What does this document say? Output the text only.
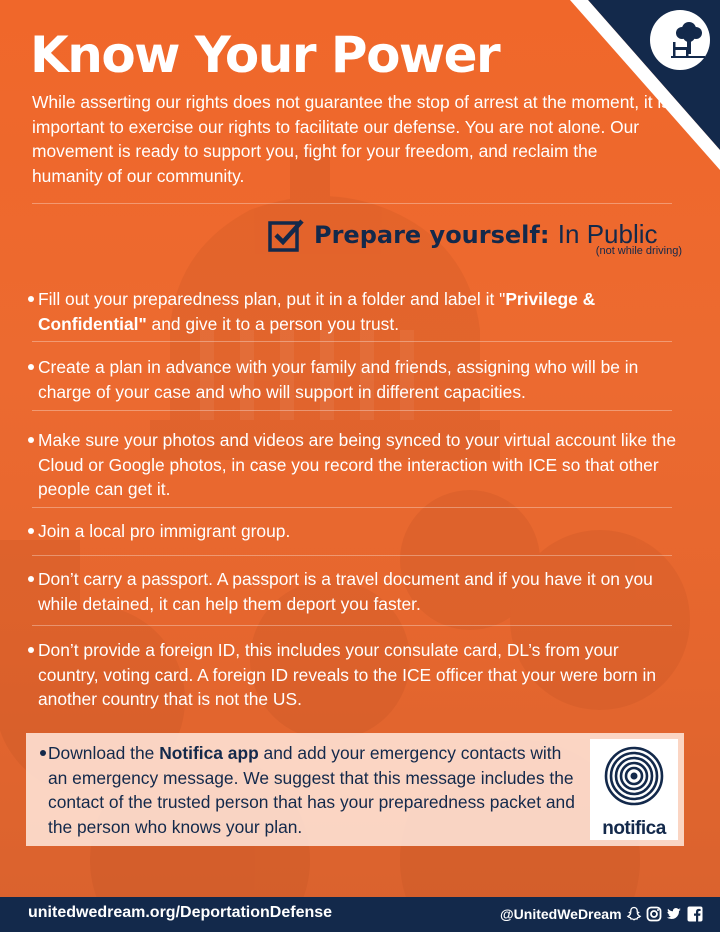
Know Your Power

While asserting our rights does not guarantee the stop of arrest at the moment, it is important to exercise our rights to facilitate our defense. You are not alone. Our movement is ready to support you, fight for your freedom, and reclaim the humanity of our community.

Prepare yourself: In Public
(not while driving)

Fill out your preparedness plan, put it in a folder and label it "Privilege & Confidential" and give it to a person you trust.

Create a plan in advance with your family and friends, assigning who will be in charge of your case and who will support in different capacities.

Make sure your photos and videos are being synced to your virtual account like the Cloud or Google photos, in case you record the interaction with ICE so that other people can get it.

Join a local pro immigrant group.

Don’t carry a passport. A passport is a travel document and if you have it on you while detained, it can help them deport you faster.

Don’t provide a foreign ID, this includes your consulate card, DL’s from your country, voting card. A foreign ID reveals to the ICE officer that your were born in another country that is not the US.

Download the Notifica app and add your emergency contacts with an emergency message. We suggest that this message includes the contact of the trusted person that has your preparedness packet and the person who knows your plan.	notifica
unitedwedream.org/DeportationDefense	@UnitedWeDream
